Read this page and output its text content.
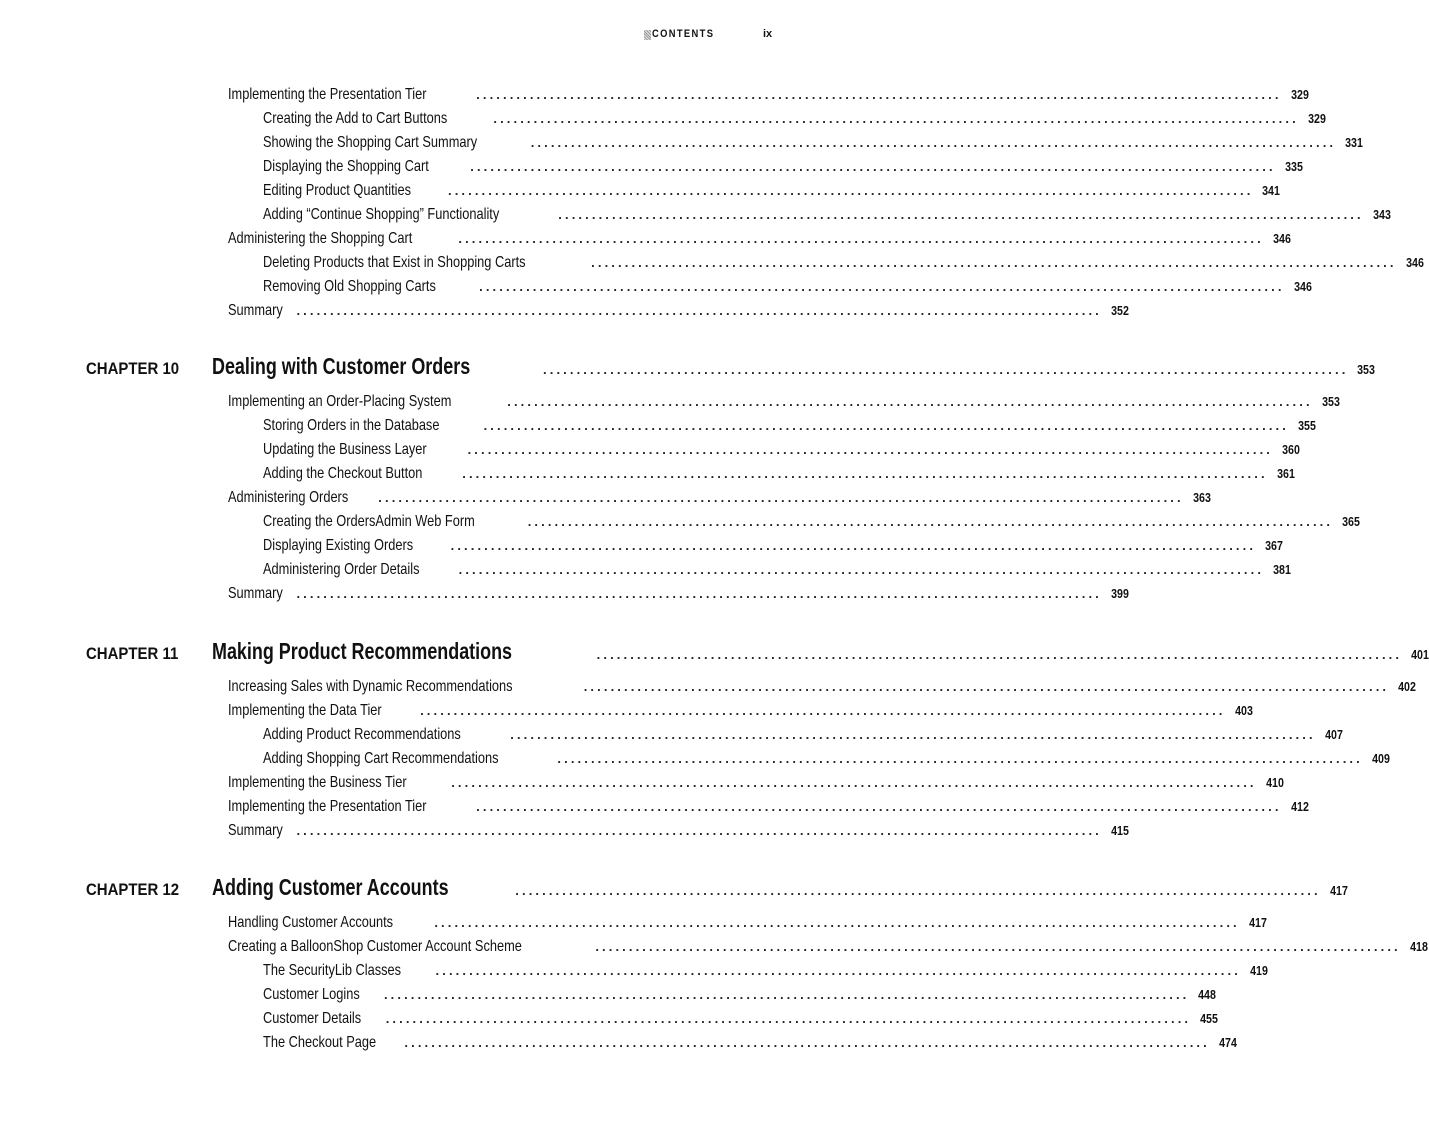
CONTENTS	ix
Implementing the Presentation Tier	........................................................................................................................ 329
Creating the Add to Cart Buttons	........................................................................................................................ 329
Showing the Shopping Cart Summary	........................................................................................................................ 331
Displaying the Shopping Cart	........................................................................................................................ 335
Editing Product Quantities	........................................................................................................................ 341
Adding “Continue Shopping” Functionality	........................................................................................................................ 343
Administering the Shopping Cart	........................................................................................................................ 346
Deleting Products that Exist in Shopping Carts	........................................................................................................................ 346
Removing Old Shopping Carts	........................................................................................................................ 346
Summary ........................................................................................................................ 352
CHAPTER 10	Dealing with Customer Orders	........................................................................................................................ 353
Implementing an Order-Placing System	........................................................................................................................ 353
Storing Orders in the Database	........................................................................................................................ 355
Updating the Business Layer	........................................................................................................................ 360
Adding the Checkout Button	........................................................................................................................ 361
Administering Orders ........................................................................................................................ 363
Creating the OrdersAdmin Web Form	........................................................................................................................ 365
Displaying Existing Orders	........................................................................................................................ 367
Administering Order Details	........................................................................................................................ 381
Summary ........................................................................................................................ 399
CHAPTER 11	Making Product Recommendations	........................................................................................................................ 401
Increasing Sales with Dynamic Recommendations	........................................................................................................................ 402
Implementing the Data Tier	........................................................................................................................ 403
Adding Product Recommendations	........................................................................................................................ 407
Adding Shopping Cart Recommendations	........................................................................................................................ 409
Implementing the Business Tier	........................................................................................................................ 410
Implementing the Presentation Tier	........................................................................................................................ 412
Summary ........................................................................................................................ 415
CHAPTER 12	Adding Customer Accounts	........................................................................................................................ 417
Handling Customer Accounts	........................................................................................................................ 417
Creating a BalloonShop Customer Account Scheme	........................................................................................................................ 418
The SecurityLib Classes	........................................................................................................................ 419
Customer Logins ........................................................................................................................ 448
Customer Details ........................................................................................................................ 455
The Checkout Page ........................................................................................................................ 474
